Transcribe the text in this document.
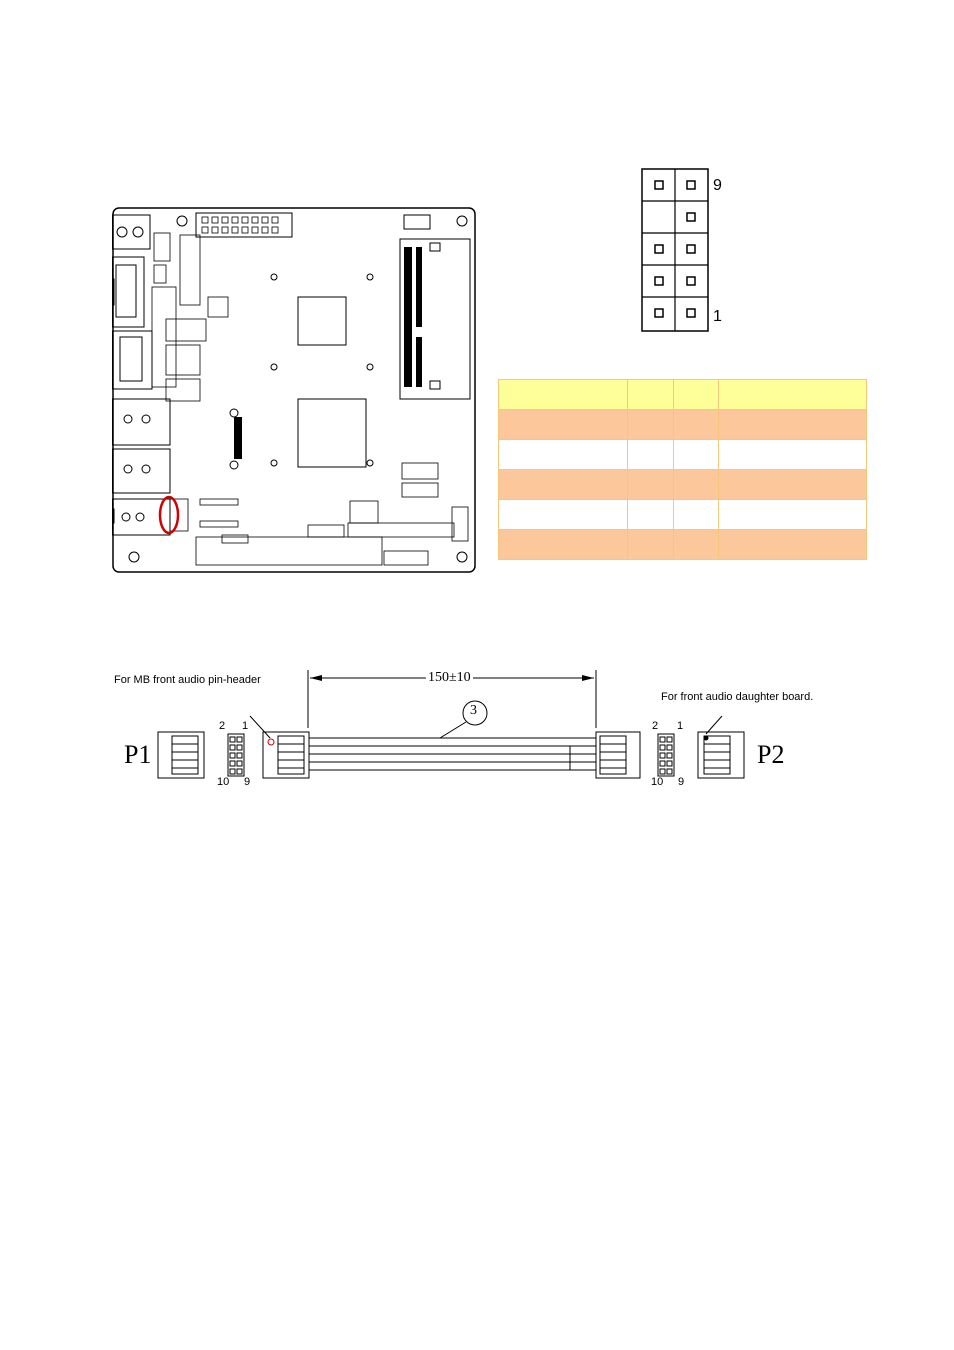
9
1

For MB front audio pin-header
For front audio daughter board.
150±10
3
P1	P2
2 1
10 9
2 1
10 9
